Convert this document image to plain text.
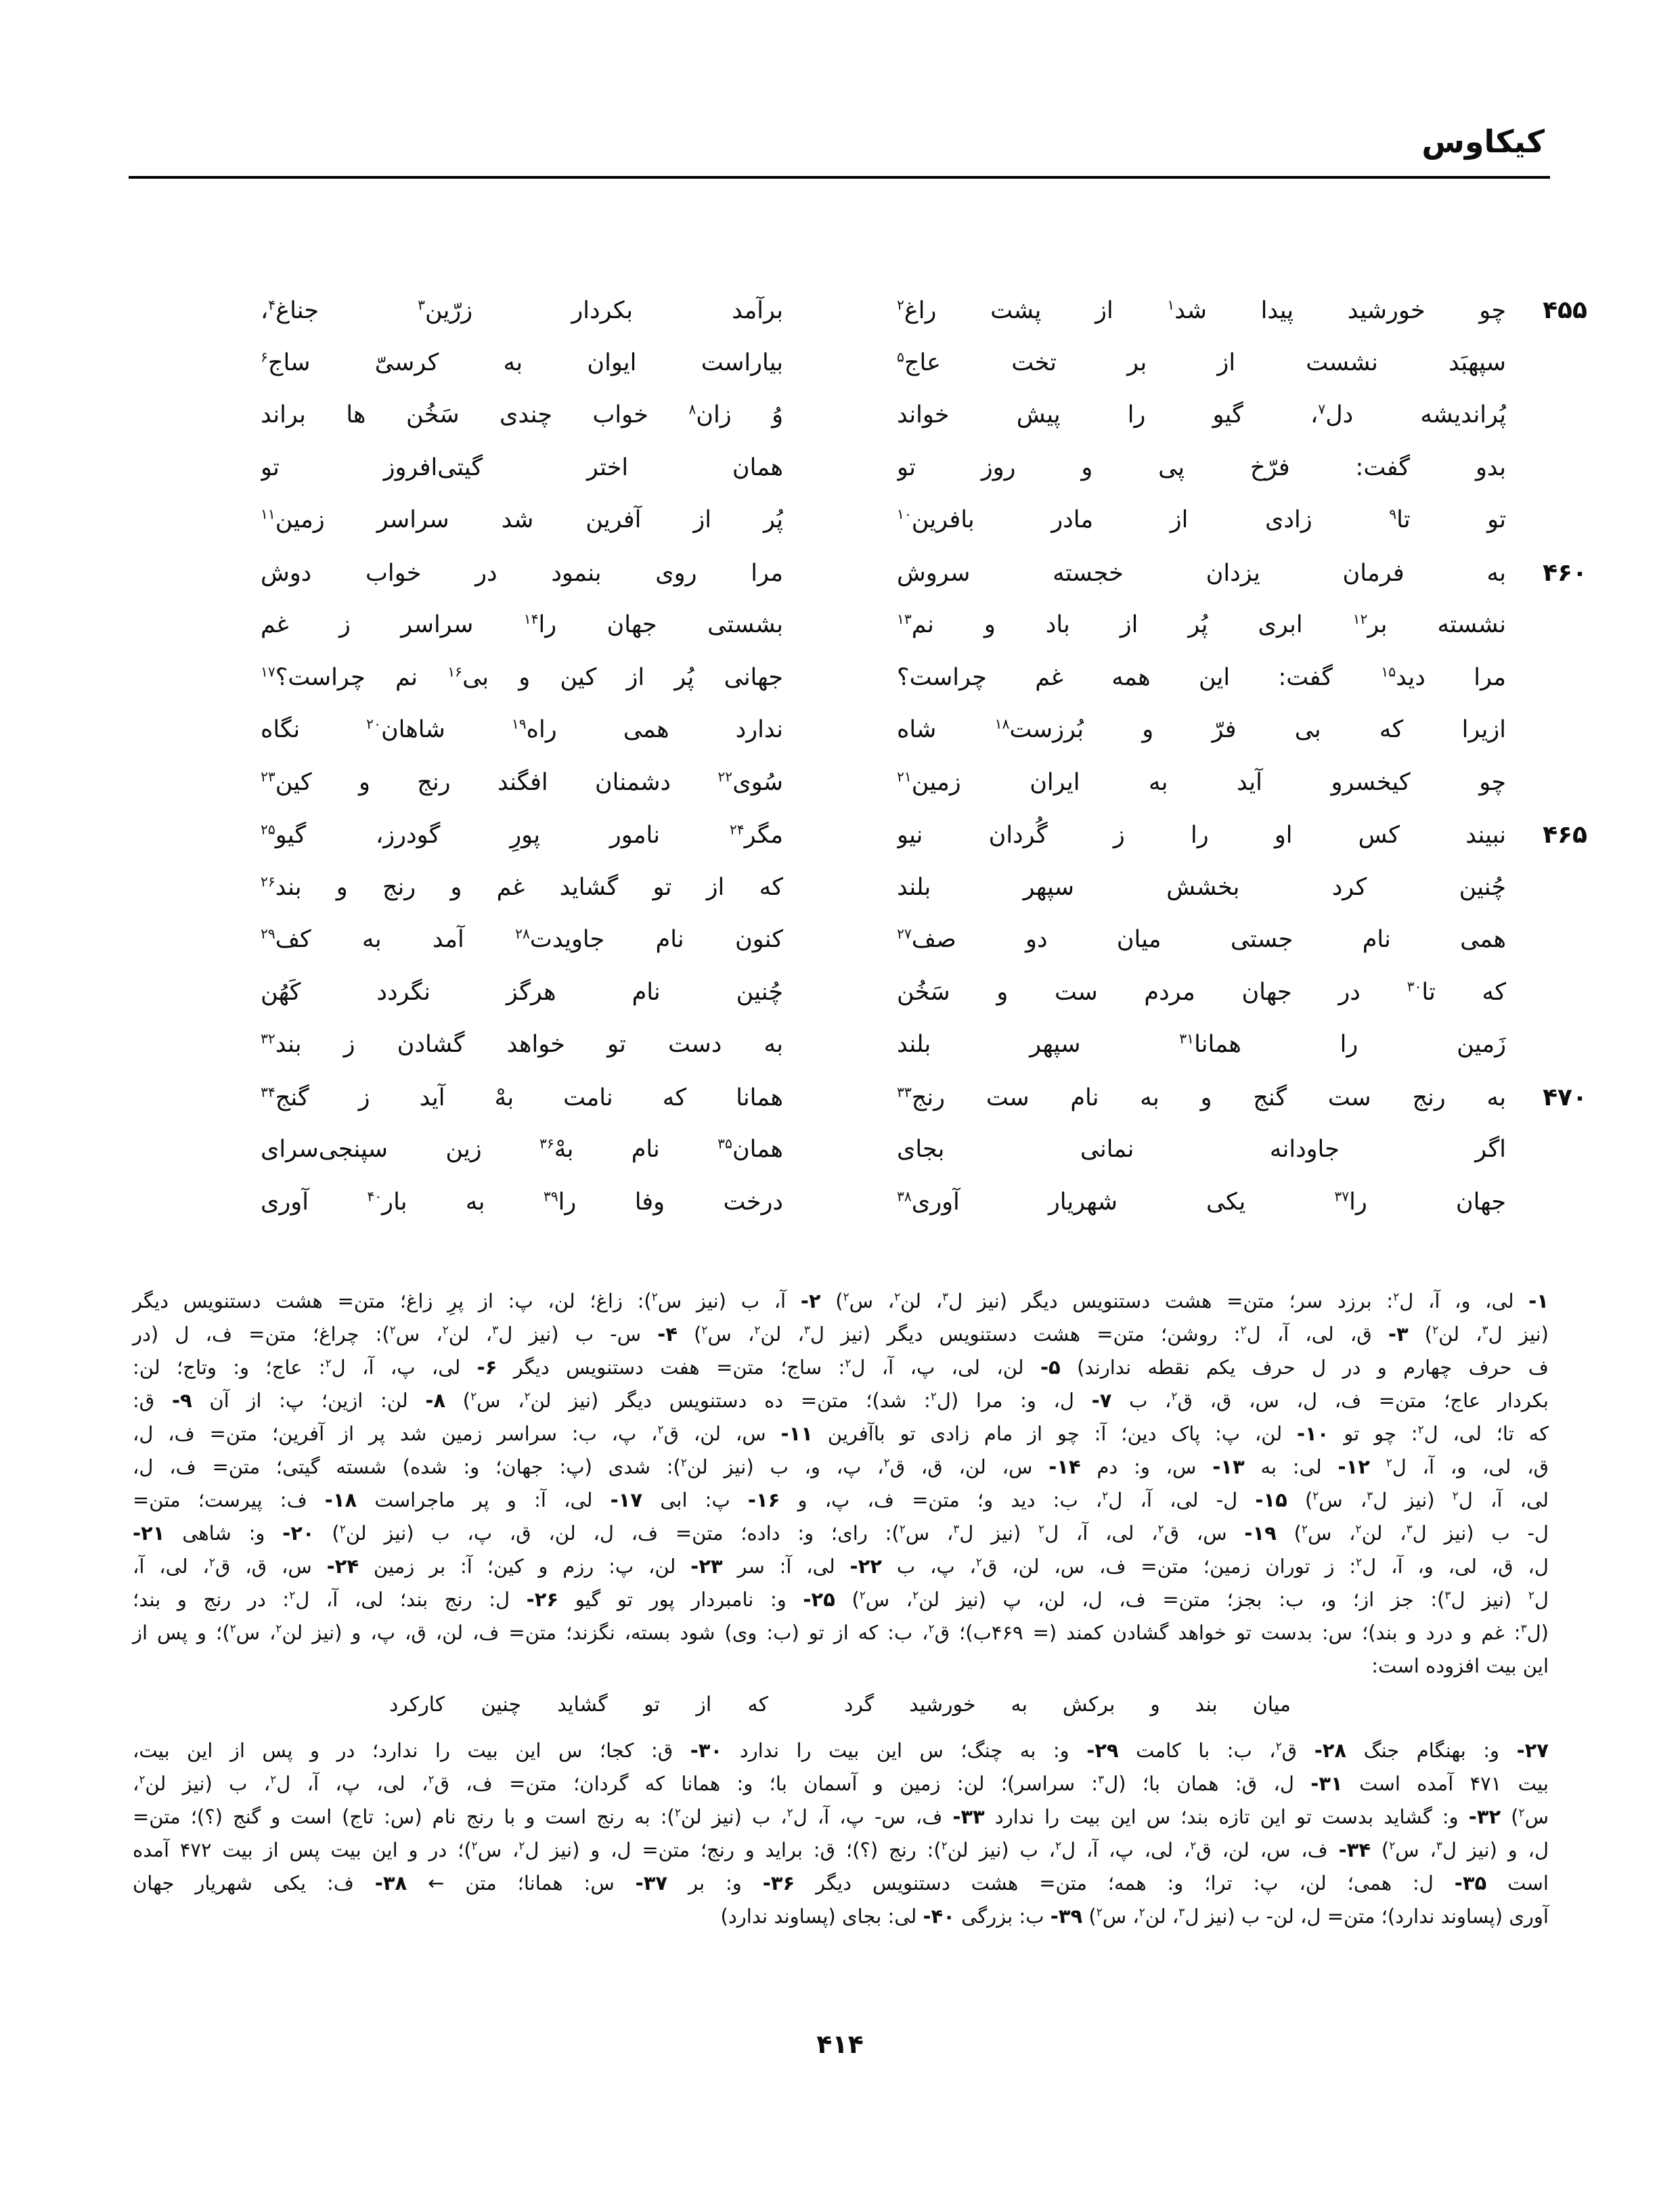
کیکاوس
۴۵۵
چو خورشید پیدا شد$^۱$ از پشت راغ$^۲$
برآمد بکردار زرّین$^۳$ جناغ$^۴$،
سپهبَد نشست از بر تخت عاج$^۵$
بیاراست ایوان به کرسیّ ساج$^۶$
پُراندیشه دل$^۷$، گیو را پیش خواند
وُ زان$^۸$ خواب چندی سَخُن ها براند
بدو گفت: فرّخ پی و روز تو
همان اختر گیتی‌افروز تو
تو تا$^۹$ زادی از مادر بافرین$^{۱۰}$
پُر از آفرین شد سراسر زمین$^{۱۱}$
۴۶۰
به فرمان یزدان خجسته سروش
مرا روی بنمود در خواب دوش
نشسته بر$^{۱۲}$ ابری پُر از باد و نم$^{۱۳}$
بشستی جهان را$^{۱۴}$ سراسر ز غم
مرا دید$^{۱۵}$ گفت: این همه غم چراست؟
جهانی پُر از کین و بی$^{۱۶}$ نم چراست؟$^{۱۷}$
ازیرا که بی فرّ و بُرزست$^{۱۸}$ شاه
ندارد همی راه$^{۱۹}$ شاهان$^{۲۰}$ نگاه
چو کیخسرو آید به ایران زمین$^{۲۱}$
سُوی$^{۲۲}$ دشمنان افگند رنج و کین$^{۲۳}$
۴۶۵
نبیند کس او را ز گُردان نیو
مگر$^{۲۴}$ نامور پورِ گودرز، گیو$^{۲۵}$
چُنین کرد بخشش سپهر بلند
که از تو گشاید غم و رنج و بند$^{۲۶}$
همی نام جستی میان دو صف$^{۲۷}$
کنون نام جاویدت$^{۲۸}$ آمد به کف$^{۲۹}$
که تا$^{۳۰}$ در جهان مردم ست و سَخُن
چُنین نام هرگز نگردد کَهُن
زَمین را همانا$^{۳۱}$ سپهر بلند
به دست تو خواهد گشادن ز بند$^{۳۲}$
۴۷۰
به رنج ست گنج و به نام ست رنج$^{۳۳}$
همانا که نامت بهْ آید ز گنج$^{۳۴}$
اگر جاودانه نمانی بجای
همان$^{۳۵}$ نام بهْ$^{۳۶}$ زین سپنجی‌سرای
جهان را$^{۳۷}$ یکی شهریار آوری$^{۳۸}$
درخت وفا را$^{۳۹}$ به بار$^{۴۰}$ آوری
۱- لی، و، آ، ل$^۲$: برزد سر؛ متن= هشت دستنویس دیگر (نیز ل$^۳$، لن$^۲$، س$^۲$) ۲- آ، ب (نیز س$^۲$): زاغ؛ لن، پ: از پرِ زاغ؛ متن= هشت دستنویس دیگر
(نیز ل$^۳$، لن$^۲$) ۳- ق، لی، آ، ل$^۲$: روشن؛ متن= هشت دستنویس دیگر (نیز ل$^۳$، لن$^۲$، س$^۲$) ۴- س- ب (نیز ل$^۳$، لن$^۲$، س$^۲$): چراغ؛ متن= ف، ل (در
ف حرف چهارم و در ل حرف یکم نقطه ندارند) ۵- لن، لی، پ، آ، ل$^۲$: ساج؛ متن= هفت دستنویس دیگر ۶- لی، پ، آ، ل$^۲$: عاج؛ و: وتاج؛ لن:
بکردار عاج؛ متن= ف، ل، س، ق، ق$^۲$، ب ۷- ل، و: مرا (ل$^۲$: شد)؛ متن= ده دستنویس دیگر (نیز لن$^۲$، س$^۲$) ۸- لن: ازین؛ پ: از آن ۹- ق:
که تا؛ لی، ل$^۲$: چو تو ۱۰- لن، پ: پاک دین؛ آ: چو از مام زادی تو باآفرین ۱۱- س، لن، ق$^۲$، پ، ب: سراسر زمین شد پر از آفرین؛ متن= ف، ل،
ق، لی، و، آ، ل$^۲$ ۱۲- لی: به ۱۳- س، و: دم ۱۴- س، لن، ق، ق$^۲$، پ، و، ب (نیز لن$^۲$): شدی (پ: جهان؛ و: شده) شسته گیتی؛ متن= ف، ل،
لی، آ، ل$^۲$ (نیز ل$^۳$، س$^۲$) ۱۵- ل- لی، آ، ل$^۲$، ب: دید و؛ متن= ف، پ، و ۱۶- پ: ابی ۱۷- لی، آ: و پر ماجراست ۱۸- ف: پیرست؛ متن=
ل- ب (نیز ل$^۳$، لن$^۲$، س$^۲$) ۱۹- س، ق$^۲$، لی، آ، ل$^۲$ (نیز ل$^۳$، س$^۲$): رای؛ و: داده؛ متن= ف، ل، لن، ق، پ، ب (نیز لن$^۲$) ۲۰- و: شاهی ۲۱-
ل، ق، لی، و، آ، ل$^۲$: ز توران زمین؛ متن= ف، س، لن، ق$^۲$، پ، ب ۲۲- لی، آ: سر ۲۳- لن، پ: رزم و کین؛ آ: بر زمین ۲۴- س، ق، ق$^۲$، لی، آ،
ل$^۲$ (نیز ل$^۳$): جز از؛ و، ب: بجز؛ متن= ف، ل، لن، پ (نیز لن$^۲$، س$^۲$) ۲۵- و: نامبردار پور تو گیو ۲۶- ل: رنج بند؛ لی، آ، ل$^۲$: در رنج و بند؛
(ل$^۳$: غم و درد و بند)؛ س: بدست تو خواهد گشادن کمند (= ۴۶۹ب)؛ ق$^۲$، ب: که از تو (ب: وی) شود بسته، نگزند؛ متن= ف، لن، ق، پ، و (نیز لن$^۲$، س$^۲$)؛ و پس از
این بیت افزوده است:
میان بند و برکش به خورشید گرد
که از تو گشاید چنین کارکرد
۲۷- و: بهنگام جنگ ۲۸- ق$^۲$، ب: با کامت ۲۹- و: به چنگ؛ س این بیت را ندارد ۳۰- ق: کجا؛ س این بیت را ندارد؛ در و پس از این بیت،
بیت ۴۷۱ آمده است ۳۱- ل، ق: همان با؛ (ل$^۳$: سراسر)؛ لن: زمین و آسمان با؛ و: همانا که گردان؛ متن= ف، ق$^۲$، لی، پ، آ، ل$^۲$، ب (نیز لن$^۲$،
س$^۲$) ۳۲- و: گشاید بدست تو این تازه بند؛ س این بیت را ندارد ۳۳- ف، س- پ، آ، ل$^۲$، ب (نیز لن$^۲$): به رنج است و با رنج نام (س: تاج) است و گنج (؟)؛ متن=
ل، و (نیز ل$^۳$، س$^۲$) ۳۴- ف، س، لن، ق$^۲$، لی، پ، آ، ل$^۲$، ب (نیز لن$^۲$): رنج (؟)؛ ق: براید و رنج؛ متن= ل، و (نیز ل$^۲$، س$^۲$)؛ در و این بیت پس از بیت ۴۷۲ آمده
است ۳۵- ل: همی؛ لن، پ: ترا؛ و: همه؛ متن= هشت دستنویس دیگر ۳۶- و: بر ۳۷- س: همانا؛ متن ← ۳۸- ف: یکی شهریار جهان
آوری (پساوند ندارد)؛ متن= ل، لن- ب (نیز ل$^۳$، لن$^۲$، س$^۲$) ۳۹- ب: بزرگی ۴۰- لی: بجای (پساوند ندارد)
۴۱۴
